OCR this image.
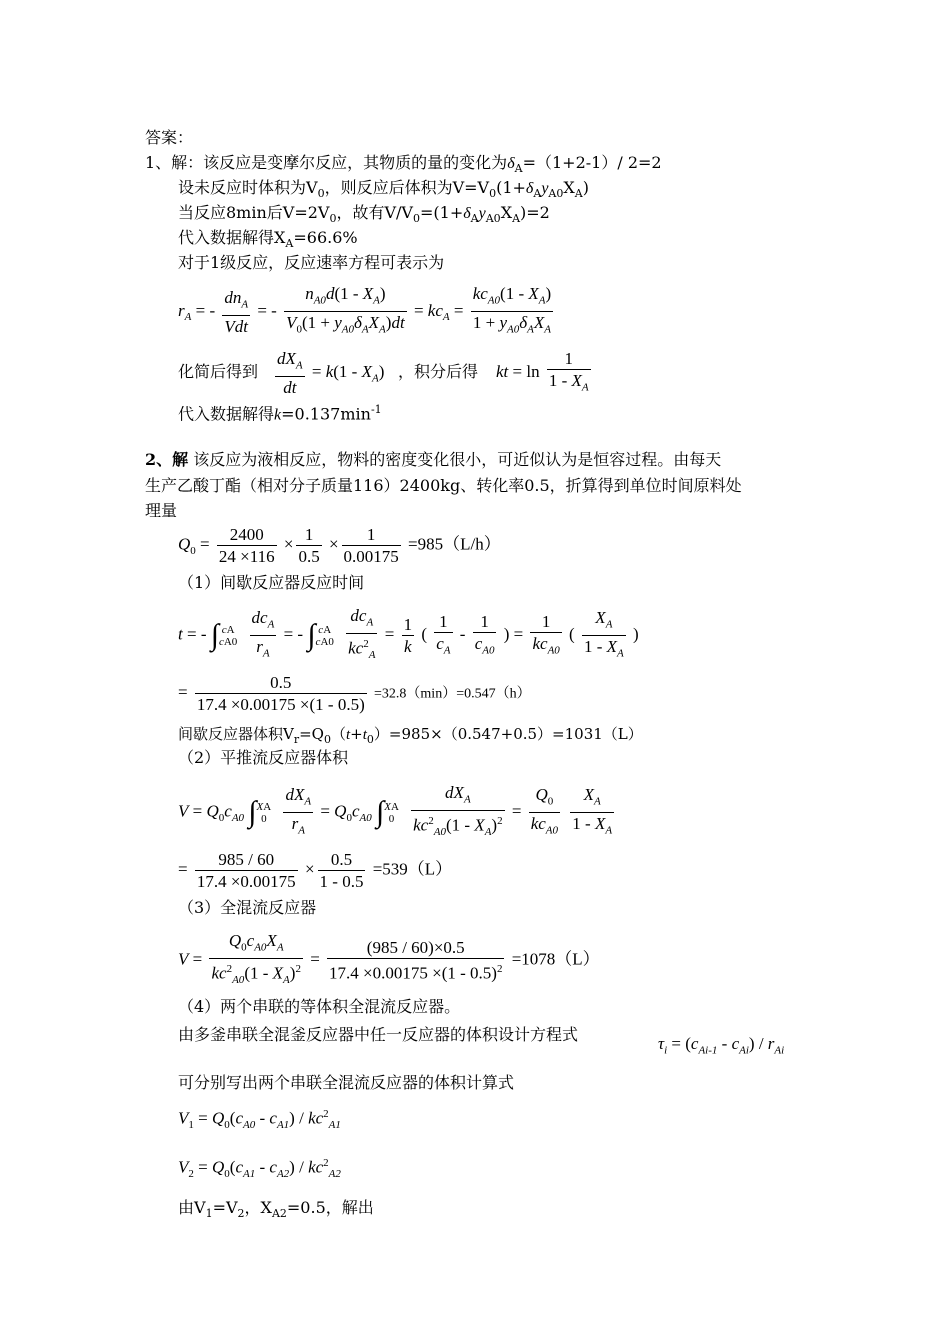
答案：
1、解：该反应是变摩尔反应，其物质的量的变化为$\delta_A=(1+2-1)/$ 2=2
设未反应时体积为$V_0$，则反应后体积为$V=V_0(1+\delta_Ay_{A0}X_A)$
当反应8min后$V=2V_0$，故有$V/V_0=(1+\delta_Ay_{A0}X_A)=2$
代入数据解得$X_A=66.6\%$
对于1级反应，反应速率方程可表示为
$r_A$ = - $\frac{dn_A}{\text{Vdt}}$ = - $\frac{n_{A0}d(1 - X_A)}{V_0(1 + y_{A0}\delta_AX_A)dt} = kc_A = \frac{kc_{A0}(1 - X_A)}{1 + y_{A0}\delta_AX_A}$
化简后得到 $\frac{dX_A}{dt} = k(1 - X_A)$ ，积分后得 kt = $\ln \frac{1}{1 - X_A}$
代入数据解得$k=0.137\min^{-1}$
2、解 该反应为液相反应，物料的密度变化很小，可近似认为是恒容过程。由每天
生产乙酸丁酯（相对分子质量116）2400kg、转化率0.5，折算得到单位时间原料处
理量
$Q_0 = \frac{2400}{24 \times 116} \times \frac{1}{0.5} \times \frac{1}{0.00175} =985(L/h)$
（1）间歇反应器反应时间
t = - ∫ cA
cA0
$\frac{dc_A}{r_A}$ = - ∫ cA
cA0
$\frac{dc_A}{kc^2_A} = \frac{1}{k}$ ( $\frac{1}{c_A} - \frac{1}{c_{A0}}$ ) = $\frac{1}{kc_{A0}}$ ( $\frac{X_A}{1 - X_A}$ )
= $\frac{0.5}{17.4 \times 0.00175 \times(1 - 0.5)} =32.8(\min)=0.547(h)$
间歇反应器体积$V_r=Q_0(t+t_0)=985\times(0.547+0.5)=1031(L)$
（2）平推流反应器体积
$V = Q_0c_{A0}$ ∫ XA
0
$\frac{dX_A}{r_A} = Q_0c_{A0}$ ∫ XA
0
$\frac{dX_A}{kc^2_{A0}(1 - X_A)^2} = \frac{Q_0}{kc_{A0}}$
$\frac{X_A}{1 - X_A}$
= $\frac{985 / 60}{17.4 \times 0.00175} \times \frac{0.5}{1 - 0.5} =539(L)$
（3）全混流反应器
$V = \frac{Q_0c_{A0}X_A}{kc^2_{A0}(1 - X_A)^2} = \frac{(985 / 60)\times 0.5}{17.4 \times 0.00175 \times(1 - 0.5)^2} =1078(L)$
（4）两个串联的等体积全混流反应器。
由多釜串联全混釜反应器中任一反应器的体积设计方程式	$\tau_i = (c_{Ai-1} - c_{Ai}) / r_{Ai}$
可分别写出两个串联全混流反应器的体积计算式
$V_1 = Q_0(c_{A0} - c_{A1}) / kc^2_{A1}$
$V_2 = Q_0(c_{A1} - c_{A2}) / kc^2_{A2}$
由$V_1=V_2$，$X_{A2}=0.5$，解出
